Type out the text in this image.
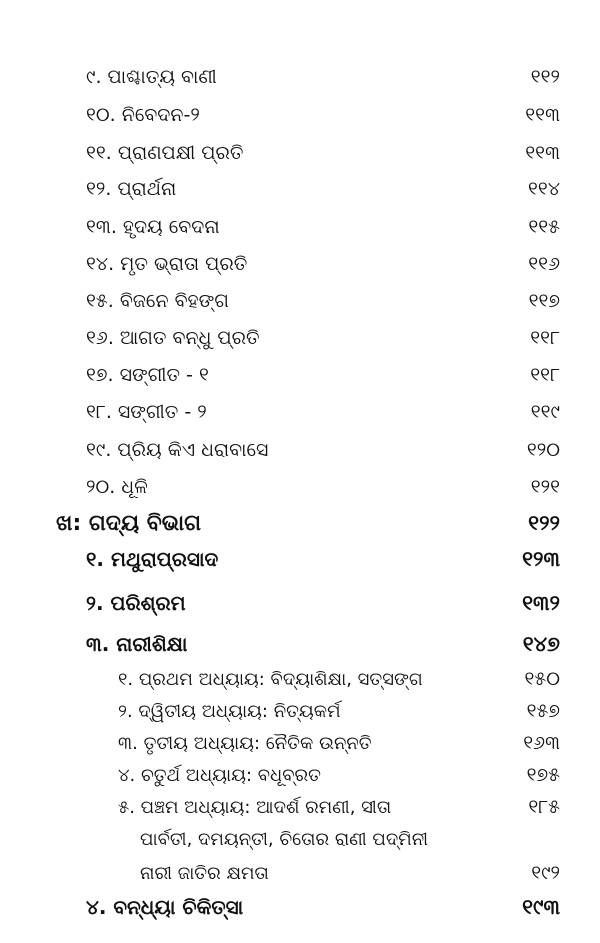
୯. ପାଶ୍ଚାତ୍ୟ ବାଣୀ	୧୧୨
୧୦. ନିବେଦନ-୨	୧୧୩
୧୧. ପ୍ରାଣପକ୍ଷୀ ପ୍ରତି	୧୧୩
୧୨. ପ୍ରାର୍ଥନା	୧୧୪
୧୩. ହୃଦୟ ବେଦନା	୧୧୫
୧୪. ମୃତ ଭ୍ରାତା ପ୍ରତି	୧୧୬
୧୫. ବିଜନେ ବିହଙ୍ଗ	୧୧୭
୧୬. ଆଗତ ବନ୍ଧୁ ପ୍ରତି	୧୧୮
୧୭. ସଙ୍ଗୀତ - ୧	୧୧୮
୧୮. ସଙ୍ଗୀତ - ୨	୧୧୯
୧୯. ପ୍ରିୟ କିଏ ଧରାବାସେ	୧୨୦
୨୦. ଧୂଳି	୧୨୧
ଖ: ଗଦ୍ୟ ବିଭାଗ	୧୨୨
୧. ମଥୁରାପ୍ରସାଦ	୧୨୩
୨. ପରିଶ୍ରମ	୧୩୨
୩. ନାରୀଶିକ୍ଷା	୧୪୭
୧. ପ୍ରଥମ ଅଧ୍ୟାୟ: ବିଦ୍ୟାଶିକ୍ଷା, ସତ୍ସଙ୍ଗ	୧୫୦
୨. ଦ୍ୱିତୀୟ ଅଧ୍ୟାୟ: ନିତ୍ୟକର୍ମ	୧୫୭
୩. ତୃତୀୟ ଅଧ୍ୟାୟ: ନୈତିକ ଉନ୍ନତି	୧୬୩
୪. ଚତୁର୍ଥ ଅଧ୍ୟାୟ: ବଧୂବ୍ରତ	୧୭୫
୫. ପଞ୍ଚମ ଅଧ୍ୟାୟ: ଆଦର୍ଶ ରମଣୀ, ସୀତା	୧୮୫
ପାର୍ବତୀ, ଦମୟନ୍ତୀ, ଚିତୋର ରାଣୀ ପଦ୍ମିନୀ
ନାରୀ ଜାତିର କ୍ଷମତା	୧୯୨
୪. ବନ୍ଧ୍ୟା ଚିକିତ୍ସା	୧୯୩
